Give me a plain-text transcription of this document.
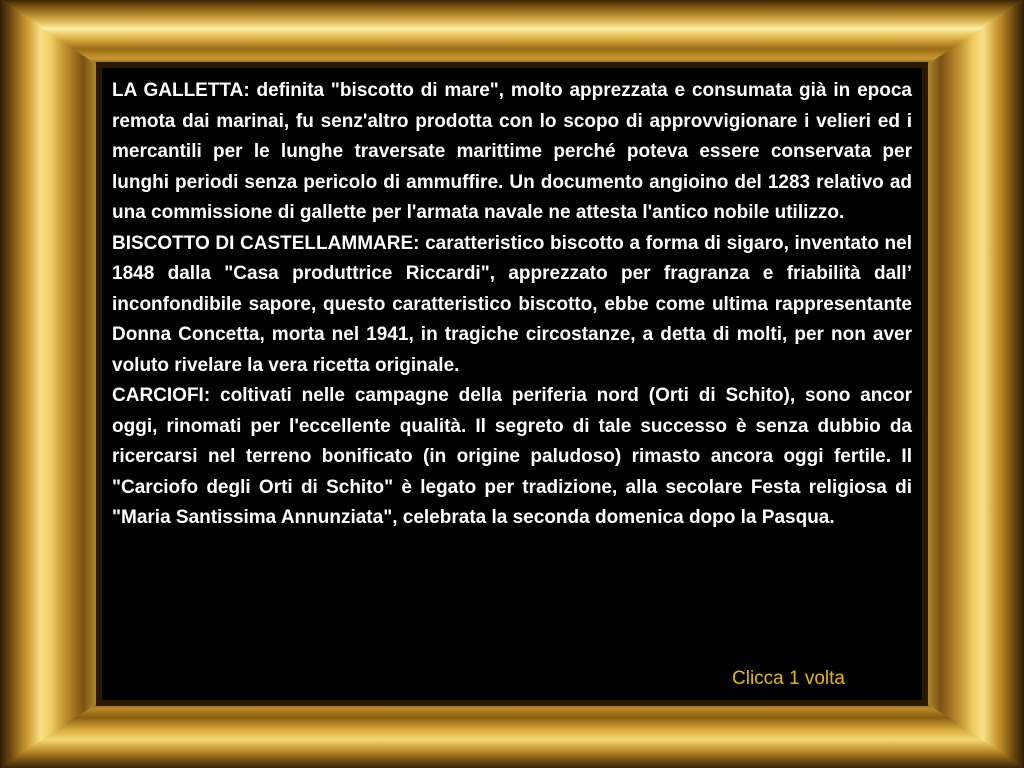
LA GALLETTA: definita "biscotto di mare", molto apprezzata e consumata già in epoca remota dai marinai, fu senz'altro prodotta con lo scopo di approvvigionare i velieri ed i mercantili per le lunghe traversate marittime perché poteva essere conservata per lunghi periodi senza pericolo di ammuffire. Un documento angioino del 1283 relativo ad una commissione di gallette per l'armata navale ne attesta l'antico nobile utilizzo.

BISCOTTO DI CASTELLAMMARE: caratteristico biscotto a forma di sigaro, inventato nel 1848 dalla "Casa produttrice Riccardi", apprezzato per fragranza e friabilità dall’ inconfondibile sapore, questo caratteristico biscotto, ebbe come ultima rappresentante Donna Concetta, morta nel 1941, in tragiche circostanze, a detta di molti, per non aver voluto rivelare la vera ricetta originale.

CARCIOFI: coltivati nelle campagne della periferia nord (Orti di Schito), sono ancor oggi, rinomati per l'eccellente qualità. Il segreto di tale successo è senza dubbio da ricercarsi nel terreno bonificato (in origine paludoso) rimasto ancora oggi fertile. Il "Carciofo degli Orti di Schito" è legato per tradizione, alla secolare Festa religiosa di "Maria Santissima Annunziata", celebrata la seconda domenica dopo la Pasqua.

Clicca 1 volta
